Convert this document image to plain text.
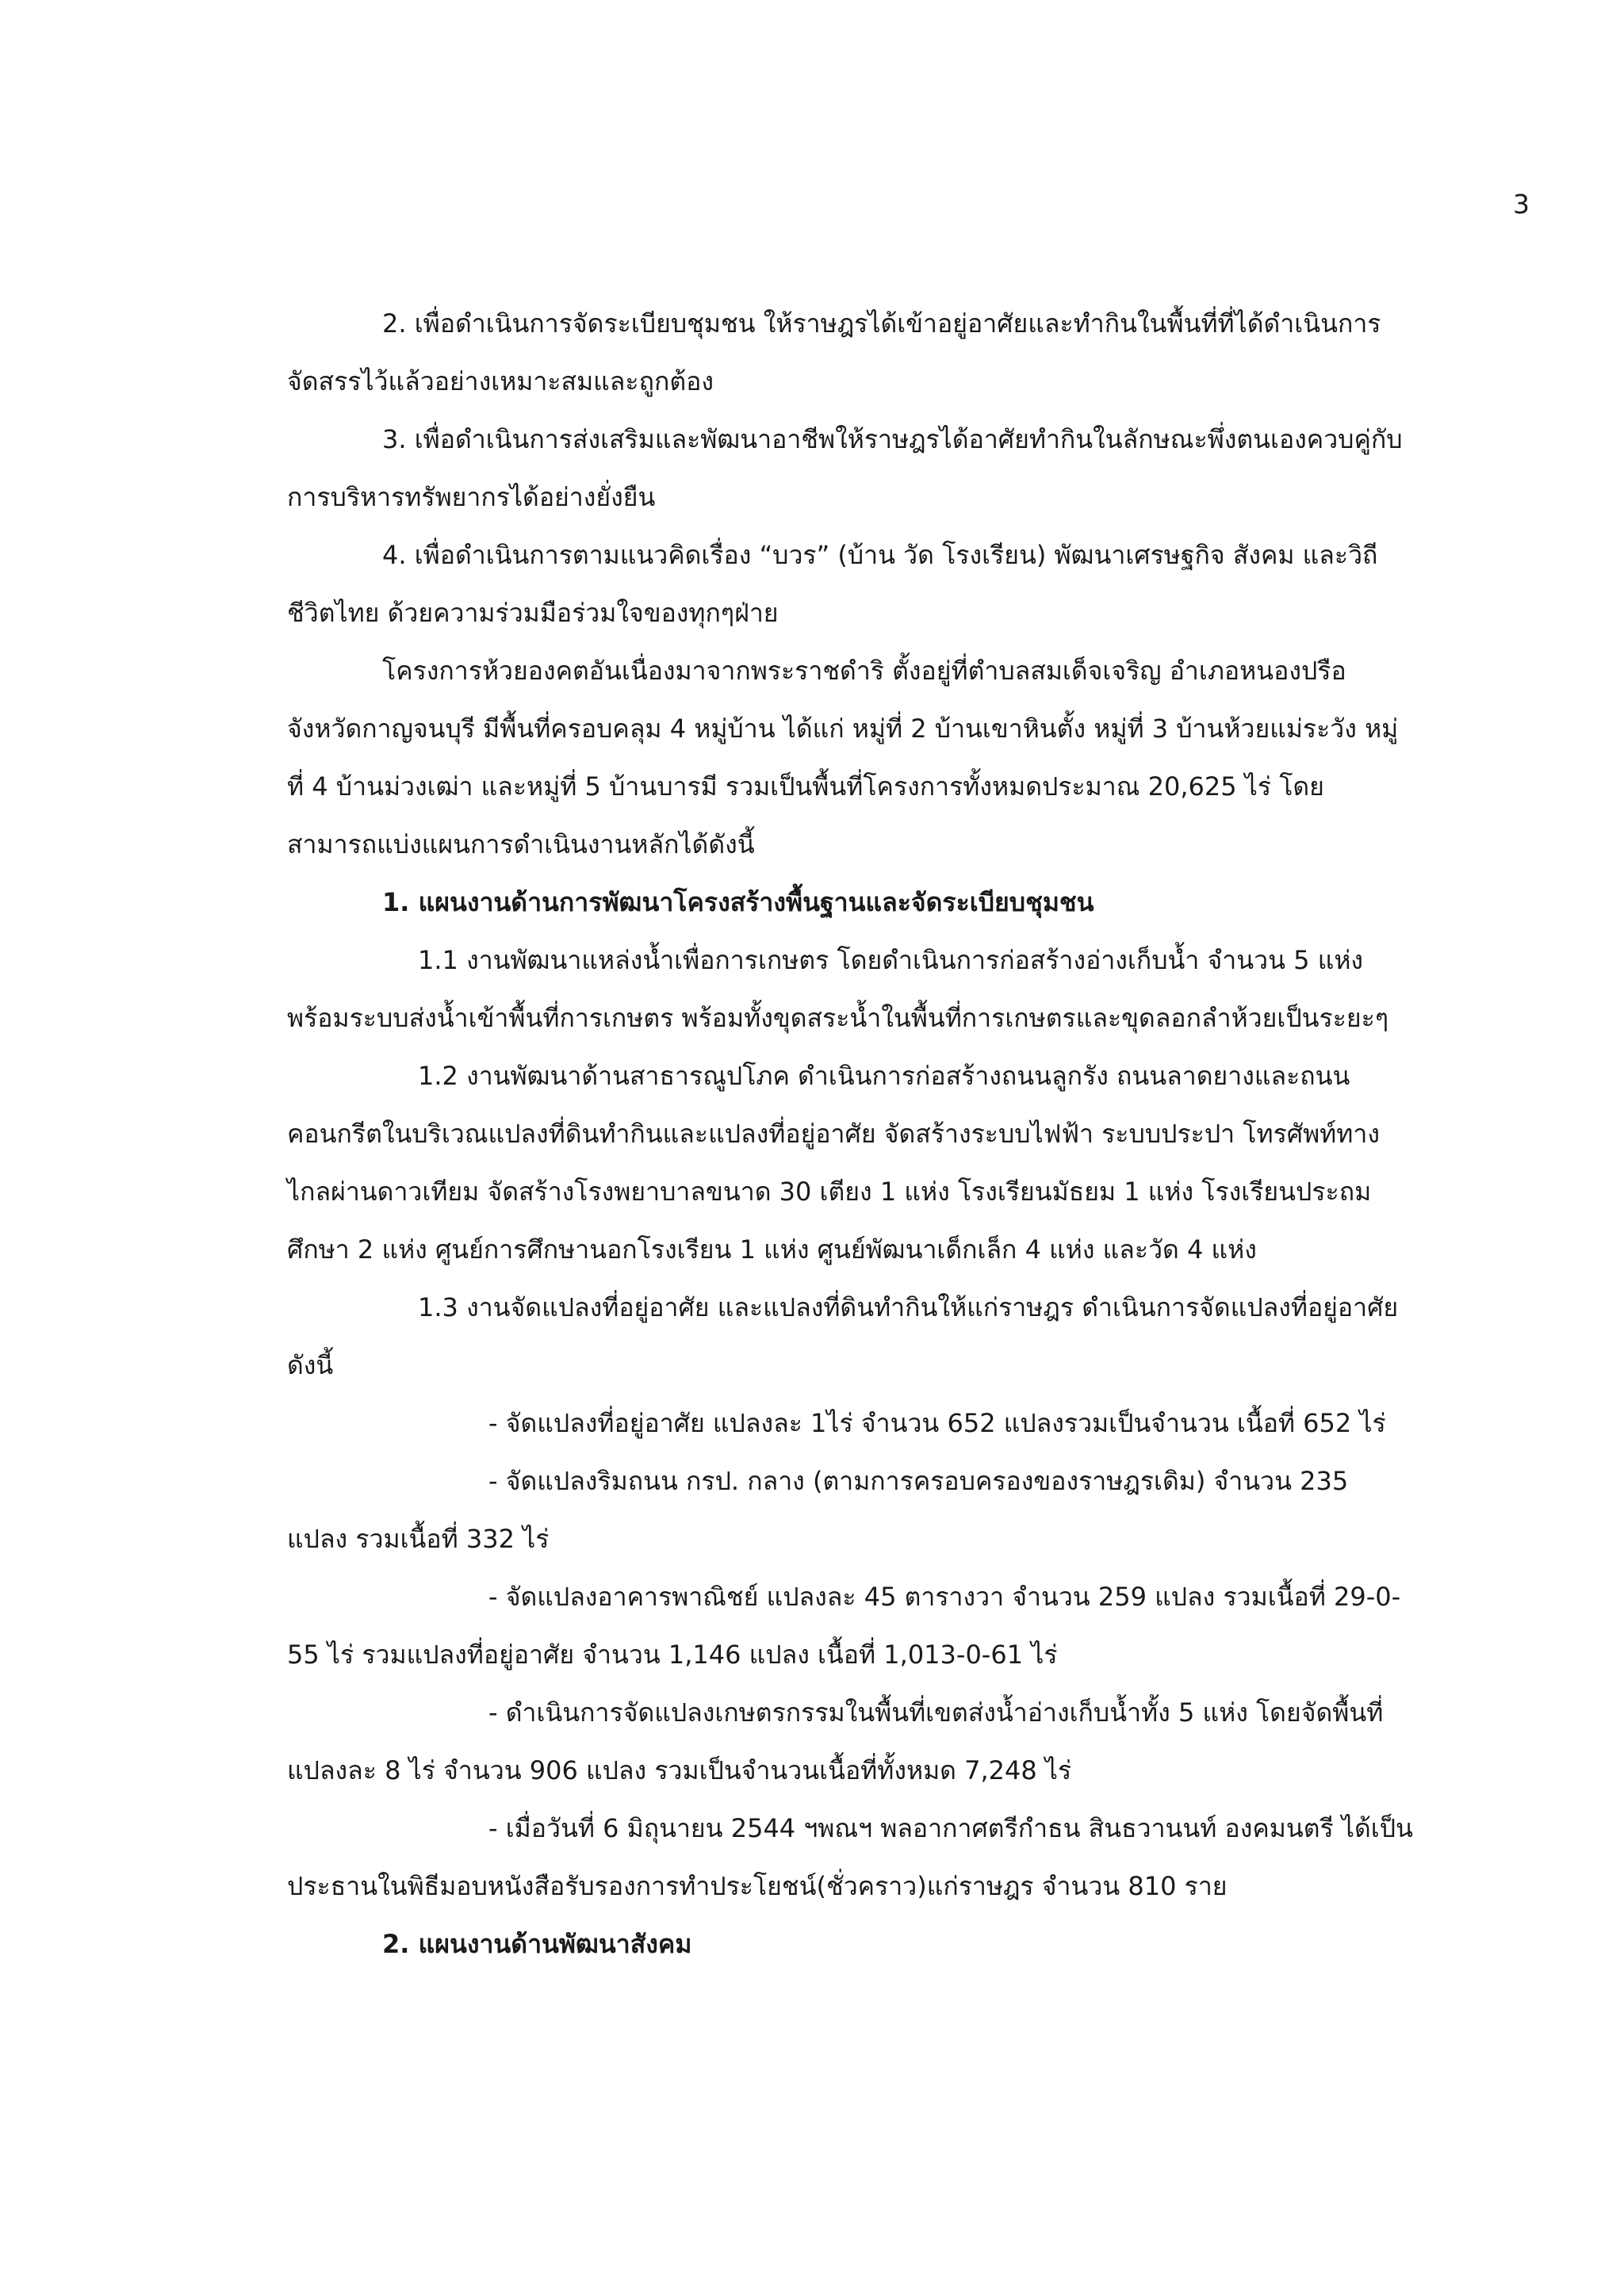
3

2. เพื่อดำเนินการจัดระเบียบชุมชน ให้ราษฎรได้เข้าอยู่อาศัยและทำกินในพื้นที่ที่ได้ดำเนินการจัดสรรไว้แล้วอย่างเหมาะสมและถูกต้อง

3. เพื่อดำเนินการส่งเสริมและพัฒนาอาชีพให้ราษฎรได้อาศัยทำกินในลักษณะพึ่งตนเองควบคู่กับการบริหารทรัพยากรได้อย่างยั่งยืน

4. เพื่อดำเนินการตามแนวคิดเรื่อง “บวร” (บ้าน วัด โรงเรียน) พัฒนาเศรษฐกิจ สังคม และวิถีชีวิตไทย ด้วยความร่วมมือร่วมใจของทุกๆฝ่าย

โครงการห้วยองคตอันเนื่องมาจากพระราชดำริ ตั้งอยู่ที่ตำบลสมเด็จเจริญ อำเภอหนองปรือ จังหวัดกาญจนบุรี มีพื้นที่ครอบคลุม 4 หมู่บ้าน ได้แก่ หมู่ที่ 2 บ้านเขาหินตั้ง หมู่ที่ 3 บ้านห้วยแม่ระวัง หมู่ที่ 4 บ้านม่วงเฒ่า และหมู่ที่ 5 บ้านบารมี รวมเป็นพื้นที่โครงการทั้งหมดประมาณ 20,625 ไร่ โดยสามารถแบ่งแผนการดำเนินงานหลักได้ดังนี้

1. แผนงานด้านการพัฒนาโครงสร้างพื้นฐานและจัดระเบียบชุมชน

1.1 งานพัฒนาแหล่งน้ำเพื่อการเกษตร โดยดำเนินการก่อสร้างอ่างเก็บน้ำ จำนวน 5 แห่ง พร้อมระบบส่งน้ำเข้าพื้นที่การเกษตร พร้อมทั้งขุดสระน้ำในพื้นที่การเกษตรและขุดลอกลำห้วยเป็นระยะๆ

1.2 งานพัฒนาด้านสาธารณูปโภค ดำเนินการก่อสร้างถนนลูกรัง ถนนลาดยางและถนนคอนกรีตในบริเวณแปลงที่ดินทำกินและแปลงที่อยู่อาศัย จัดสร้างระบบไฟฟ้า ระบบประปา โทรศัพท์ทางไกลผ่านดาวเทียม จัดสร้างโรงพยาบาลขนาด 30 เตียง 1 แห่ง โรงเรียนมัธยม 1 แห่ง โรงเรียนประถมศึกษา 2 แห่ง ศูนย์การศึกษานอกโรงเรียน 1 แห่ง ศูนย์พัฒนาเด็กเล็ก 4 แห่ง และวัด 4 แห่ง

1.3 งานจัดแปลงที่อยู่อาศัย และแปลงที่ดินทำกินให้แก่ราษฎร ดำเนินการจัดแปลงที่อยู่อาศัย ดังนี้

- จัดแปลงที่อยู่อาศัย แปลงละ 1ไร่ จำนวน 652 แปลงรวมเป็นจำนวน เนื้อที่ 652 ไร่

- จัดแปลงริมถนน กรป. กลาง (ตามการครอบครองของราษฎรเดิม) จำนวน 235 แปลง รวมเนื้อที่ 332 ไร่

- จัดแปลงอาคารพาณิชย์ แปลงละ 45 ตารางวา จำนวน 259 แปลง รวมเนื้อที่ 29-0-55 ไร่ รวมแปลงที่อยู่อาศัย จำนวน 1,146 แปลง เนื้อที่ 1,013-0-61 ไร่

- ดำเนินการจัดแปลงเกษตรกรรมในพื้นที่เขตส่งน้ำอ่างเก็บน้ำทั้ง 5 แห่ง โดยจัดพื้นที่แปลงละ 8 ไร่ จำนวน 906 แปลง รวมเป็นจำนวนเนื้อที่ทั้งหมด 7,248 ไร่

- เมื่อวันที่ 6 มิถุนายน 2544 ฯพณฯ พลอากาศตรีกำธน สินธวานนท์ องคมนตรี ได้เป็นประธานในพิธีมอบหนังสือรับรองการทำประโยชน์(ชั่วคราว)แก่ราษฎร จำนวน 810 ราย

2. แผนงานด้านพัฒนาสังคม
